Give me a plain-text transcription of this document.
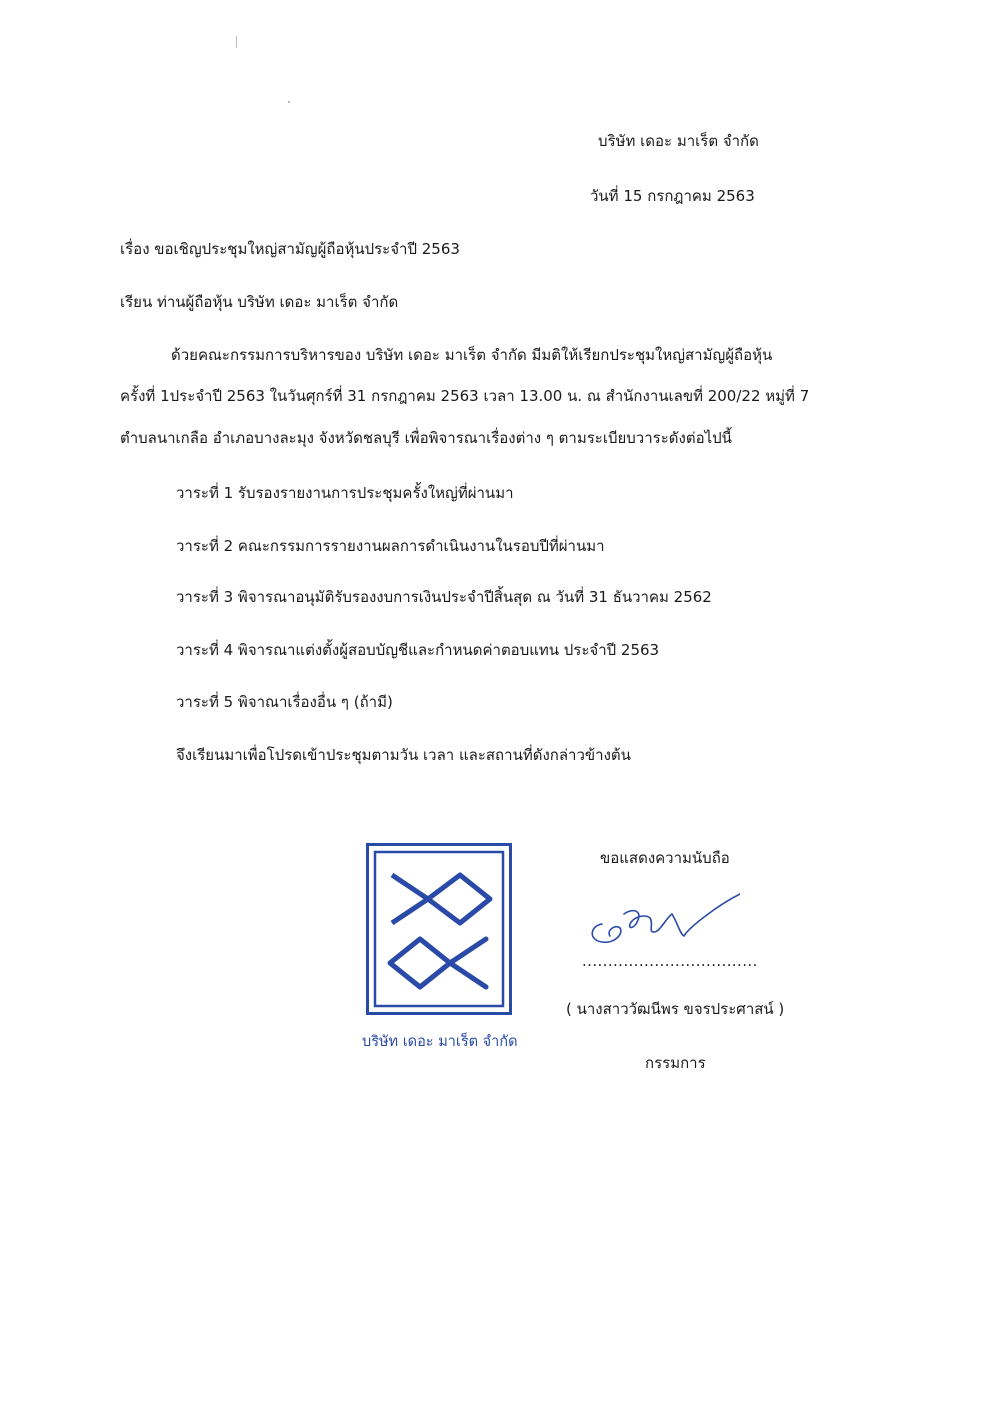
บริษัท เดอะ มาเร็ต จำกัด
วันที่ 15 กรกฎาคม 2563
เรื่อง ขอเชิญประชุมใหญ่สามัญผู้ถือหุ้นประจำปี 2563
เรียน ท่านผู้ถือหุ้น บริษัท เดอะ มาเร็ต จำกัด
ด้วยคณะกรรมการบริหารของ บริษัท เดอะ มาเร็ต จำกัด มีมติให้เรียกประชุมใหญ่สามัญผู้ถือหุ้น
ครั้งที่ 1ประจำปี 2563 ในวันศุกร์ที่ 31 กรกฎาคม 2563 เวลา 13.00 น. ณ สำนักงานเลขที่ 200/22 หมู่ที่ 7
ตำบลนาเกลือ อำเภอบางละมุง จังหวัดชลบุรี เพื่อพิจารณาเรื่องต่าง ๆ ตามระเบียบวาระดังต่อไปนี้
วาระที่ 1 รับรองรายงานการประชุมครั้งใหญ่ที่ผ่านมา
วาระที่ 2 คณะกรรมการรายงานผลการดำเนินงานในรอบปีที่ผ่านมา
วาระที่ 3 พิจารณาอนุมัติรับรองงบการเงินประจำปีสิ้นสุด ณ วันที่ 31 ธันวาคม 2562
วาระที่ 4 พิจารณาแต่งตั้งผู้สอบบัญชีและกำหนดค่าตอบแทน ประจำปี 2563
วาระที่ 5 พิจาณาเรื่องอื่น ๆ (ถ้ามี)
จึงเรียนมาเพื่อโปรดเข้าประชุมตามวัน เวลา และสถานที่ดังกล่าวข้างต้น
บริษัท เดอะ มาเร็ต จำกัด
ขอแสดงความนับถือ
..................................
( นางสาววัฒนีพร ขจรประศาสน์ )
กรรมการ
